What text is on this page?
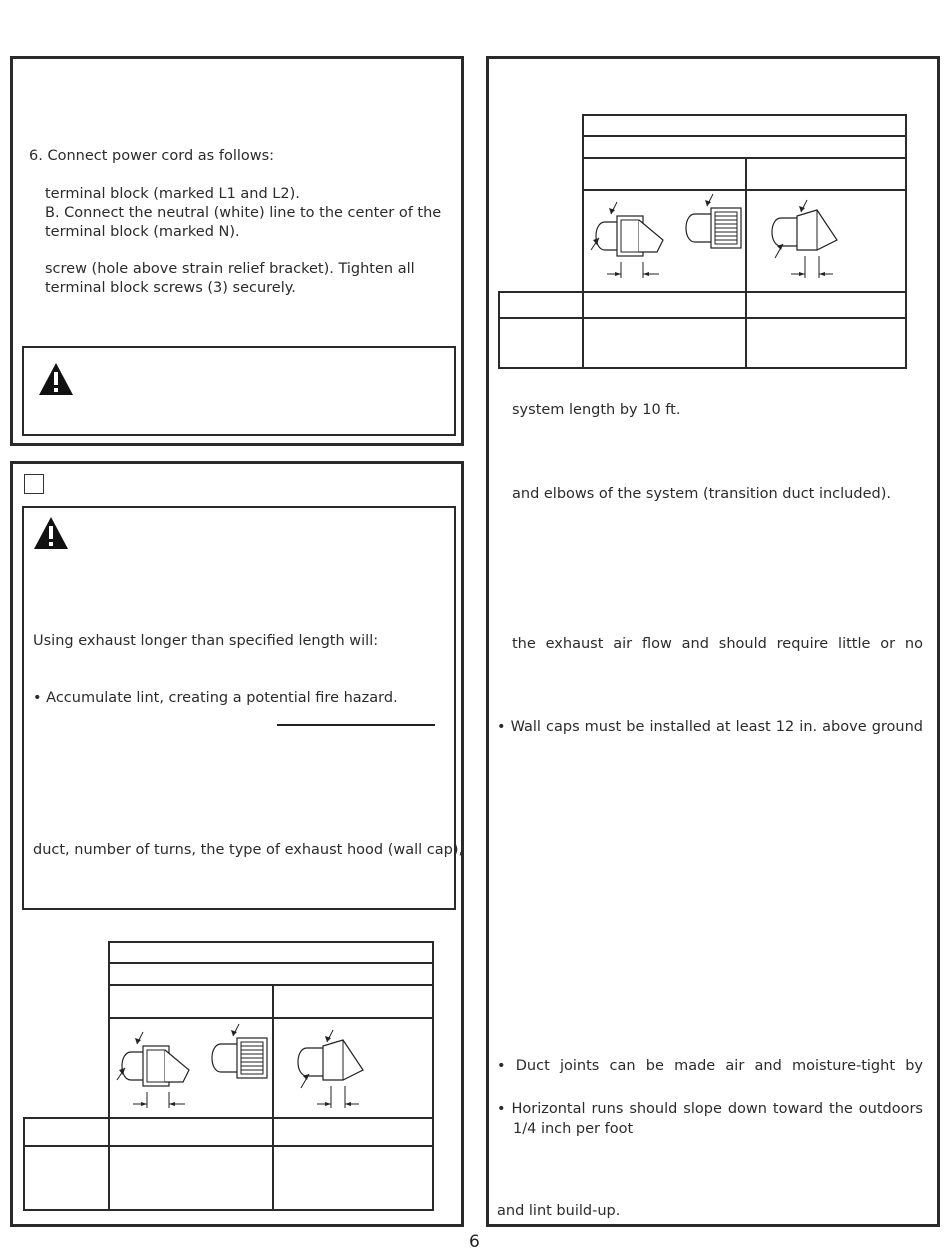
6. Connect power cord as follows:
terminal block (marked L1 and L2).
B. Connect the neutral (white) line to the center of the
terminal block (marked N).
screw (hole above strain relief bracket). Tighten all
terminal block screws (3) securely.
Using exhaust longer than specified length will:
• Accumulate lint, creating a potential fire hazard.
duct, number of turns, the type of exhaust hood (wall cap),
system length by 10 ft.
and elbows of the system (transition duct included).
the exhaust air flow and should require little or no
• Wall caps must be installed at least 12 in. above ground
• Duct joints can be made air and moisture-tight by
• Horizontal runs should slope down toward the outdoors
1/4 inch per foot
and lint build-up.
6
